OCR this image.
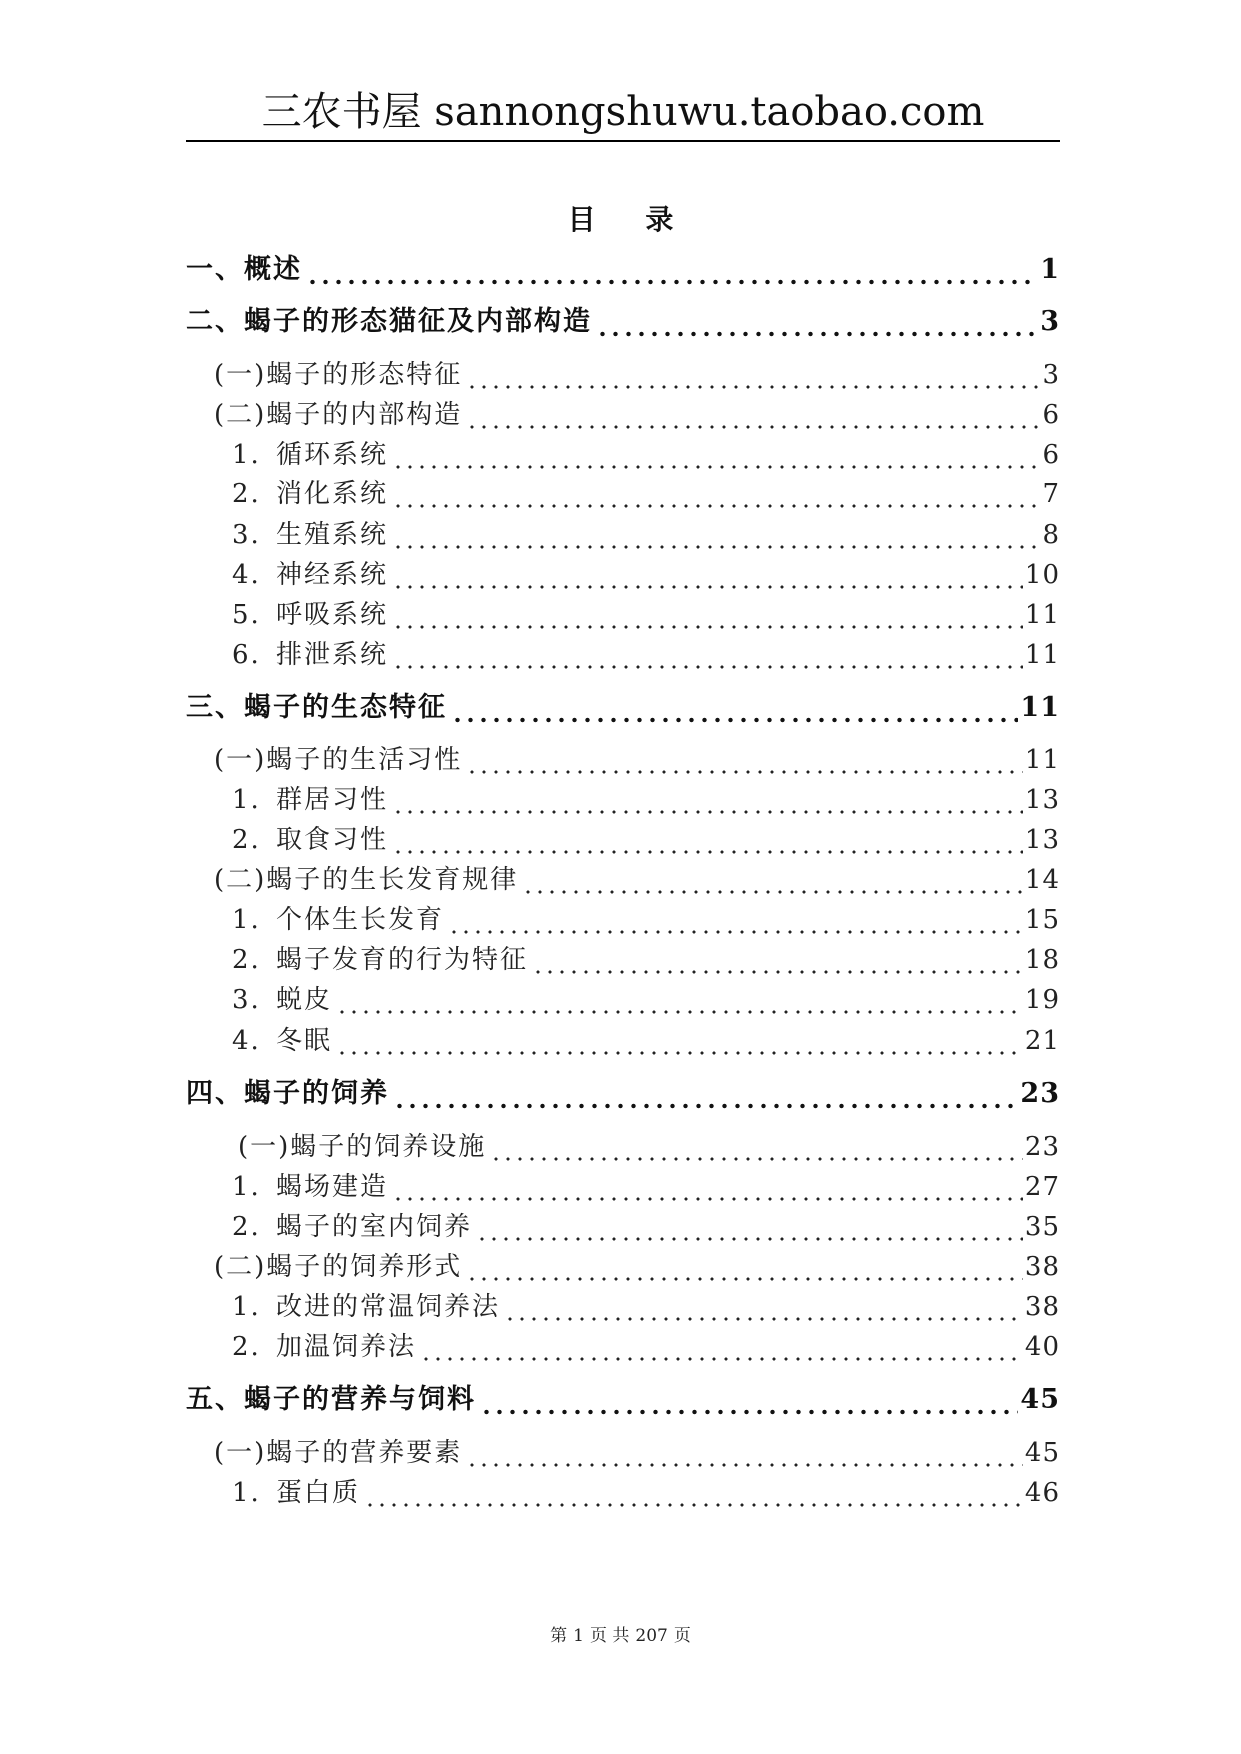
三农书屋 sannongshuwu.taobao.com
目 录
一、概述	1
二、蝎子的形态猫征及内部构造	3
(一)蝎子的形态特征	3
(二)蝎子的内部构造	6
1. 循环系统	6
2. 消化系统	7
3. 生殖系统	8
4. 神经系统	10
5. 呼吸系统	11
6. 排泄系统	11
三、蝎子的生态特征	11
(一)蝎子的生活习性	11
1. 群居习性	13
2. 取食习性	13
(二)蝎子的生长发育规律	14
1. 个体生长发育	15
2. 蝎子发育的行为特征	18
3. 蜕皮	19
4. 冬眠	21
四、蝎子的饲养	23
(一)蝎子的饲养设施	23
1. 蝎场建造	27
2. 蝎子的室内饲养	35
(二)蝎子的饲养形式	38
1. 改进的常温饲养法	38
2. 加温饲养法	40
五、蝎子的营养与饲料	45
(一)蝎子的营养要素	45
1. 蛋白质	46
第 1 页 共 207 页
